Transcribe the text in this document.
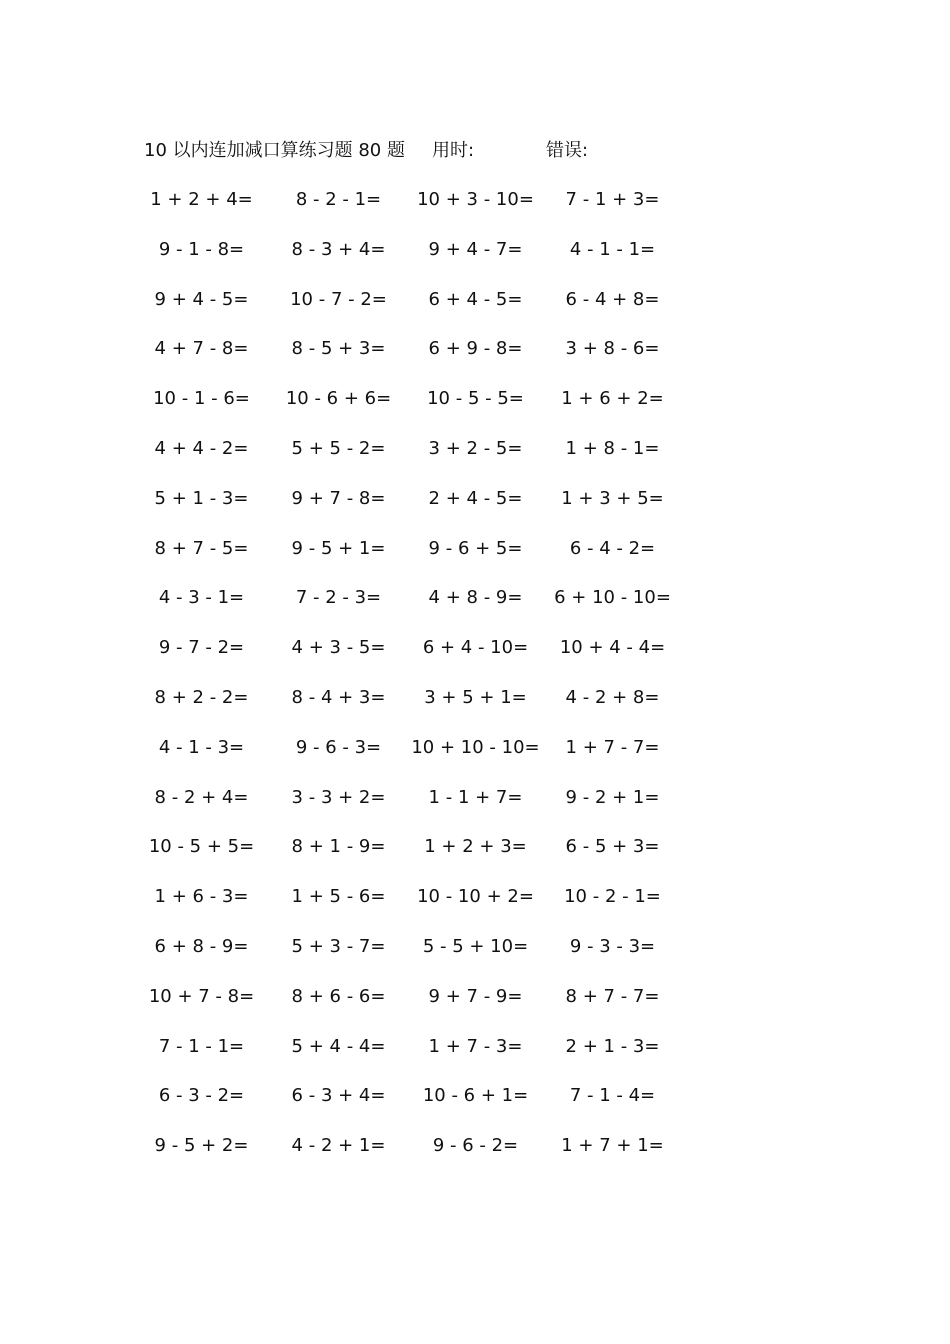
10 以内连加减口算练习题 80 题 用时:	错误:
1 + 2 + 4=	8 - 2 - 1=	10 + 3 - 10=	7 - 1 + 3=
9 - 1 - 8=	8 - 3 + 4=	9 + 4 - 7=	4 - 1 - 1=
9 + 4 - 5=	10 - 7 - 2=	6 + 4 - 5=	6 - 4 + 8=
4 + 7 - 8=	8 - 5 + 3=	6 + 9 - 8=	3 + 8 - 6=
10 - 1 - 6=	10 - 6 + 6=	10 - 5 - 5=	1 + 6 + 2=
4 + 4 - 2=	5 + 5 - 2=	3 + 2 - 5=	1 + 8 - 1=
5 + 1 - 3=	9 + 7 - 8=	2 + 4 - 5=	1 + 3 + 5=
8 + 7 - 5=	9 - 5 + 1=	9 - 6 + 5=	6 - 4 - 2=
4 - 3 - 1=	7 - 2 - 3=	4 + 8 - 9=	6 + 10 - 10=
9 - 7 - 2=	4 + 3 - 5=	6 + 4 - 10=	10 + 4 - 4=
8 + 2 - 2=	8 - 4 + 3=	3 + 5 + 1=	4 - 2 + 8=
4 - 1 - 3=	9 - 6 - 3=	10 + 10 - 10=	1 + 7 - 7=
8 - 2 + 4=	3 - 3 + 2=	1 - 1 + 7=	9 - 2 + 1=
10 - 5 + 5=	8 + 1 - 9=	1 + 2 + 3=	6 - 5 + 3=
1 + 6 - 3=	1 + 5 - 6=	10 - 10 + 2=	10 - 2 - 1=
6 + 8 - 9=	5 + 3 - 7=	5 - 5 + 10=	9 - 3 - 3=
10 + 7 - 8=	8 + 6 - 6=	9 + 7 - 9=	8 + 7 - 7=
7 - 1 - 1=	5 + 4 - 4=	1 + 7 - 3=	2 + 1 - 3=
6 - 3 - 2=	6 - 3 + 4=	10 - 6 + 1=	7 - 1 - 4=
9 - 5 + 2=	4 - 2 + 1=	9 - 6 - 2=	1 + 7 + 1=
